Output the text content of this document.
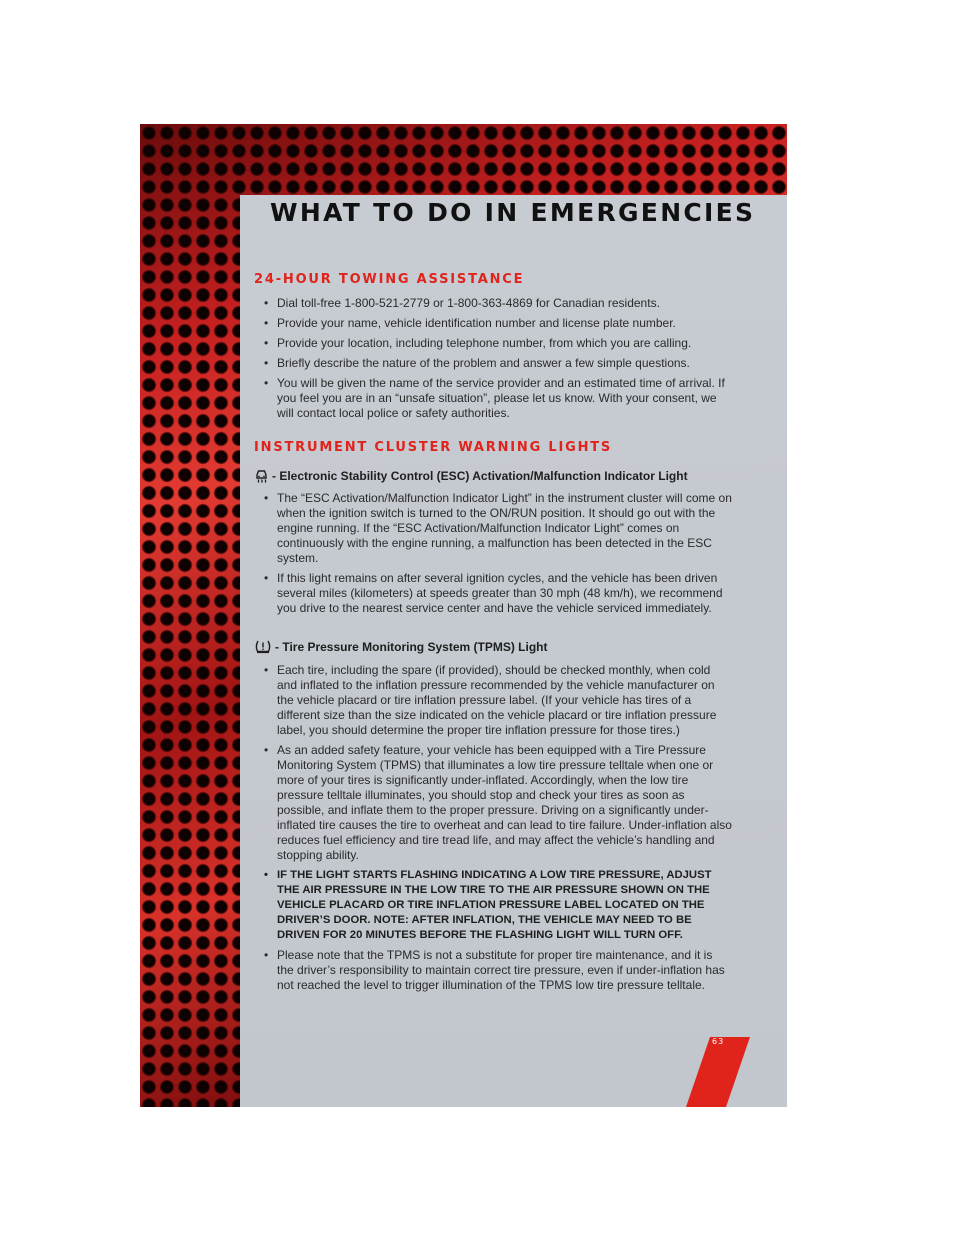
WHAT TO DO IN EMERGENCIES
24-HOUR TOWING ASSISTANCE
• Dial toll-free 1-800-521-2779 or 1-800-363-4869 for Canadian residents.
• Provide your name, vehicle identification number and license plate number.
• Provide your location, including telephone number, from which you are calling.
• Briefly describe the nature of the problem and answer a few simple questions.
• You will be given the name of the service provider and an estimated time of arrival. If you feel you are in an “unsafe situation”, please let us know. With your consent, we will contact local police or safety authorities.
INSTRUMENT CLUSTER WARNING LIGHTS
- Electronic Stability Control (ESC) Activation/Malfunction Indicator Light
• The “ESC Activation/Malfunction Indicator Light” in the instrument cluster will come on when the ignition switch is turned to the ON/RUN position. It should go out with the engine running. If the “ESC Activation/Malfunction Indicator Light” comes on continuously with the engine running, a malfunction has been detected in the ESC system.
• If this light remains on after several ignition cycles, and the vehicle has been driven several miles (kilometers) at speeds greater than 30 mph (48 km/h), we recommend you drive to the nearest service center and have the vehicle serviced immediately.
- Tire Pressure Monitoring System (TPMS) Light
• Each tire, including the spare (if provided), should be checked monthly, when cold and inflated to the inflation pressure recommended by the vehicle manufacturer on the vehicle placard or tire inflation pressure label. (If your vehicle has tires of a different size than the size indicated on the vehicle placard or tire inflation pressure label, you should determine the proper tire inflation pressure for those tires.)
• As an added safety feature, your vehicle has been equipped with a Tire Pressure Monitoring System (TPMS) that illuminates a low tire pressure telltale when one or more of your tires is significantly under-inflated. Accordingly, when the low tire pressure telltale illuminates, you should stop and check your tires as soon as possible, and inflate them to the proper pressure. Driving on a significantly under-inflated tire causes the tire to overheat and can lead to tire failure. Under-inflation also reduces fuel efficiency and tire tread life, and may affect the vehicle’s handling and stopping ability.
• IF THE LIGHT STARTS FLASHING INDICATING A LOW TIRE PRESSURE, ADJUST THE AIR PRESSURE IN THE LOW TIRE TO THE AIR PRESSURE SHOWN ON THE VEHICLE PLACARD OR TIRE INFLATION PRESSURE LABEL LOCATED ON THE DRIVER’S DOOR. NOTE: AFTER INFLATION, THE VEHICLE MAY NEED TO BE DRIVEN FOR 20 MINUTES BEFORE THE FLASHING LIGHT WILL TURN OFF.
• Please note that the TPMS is not a substitute for proper tire maintenance, and it is the driver’s responsibility to maintain correct tire pressure, even if under-inflation has not reached the level to trigger illumination of the TPMS low tire pressure telltale.
63
